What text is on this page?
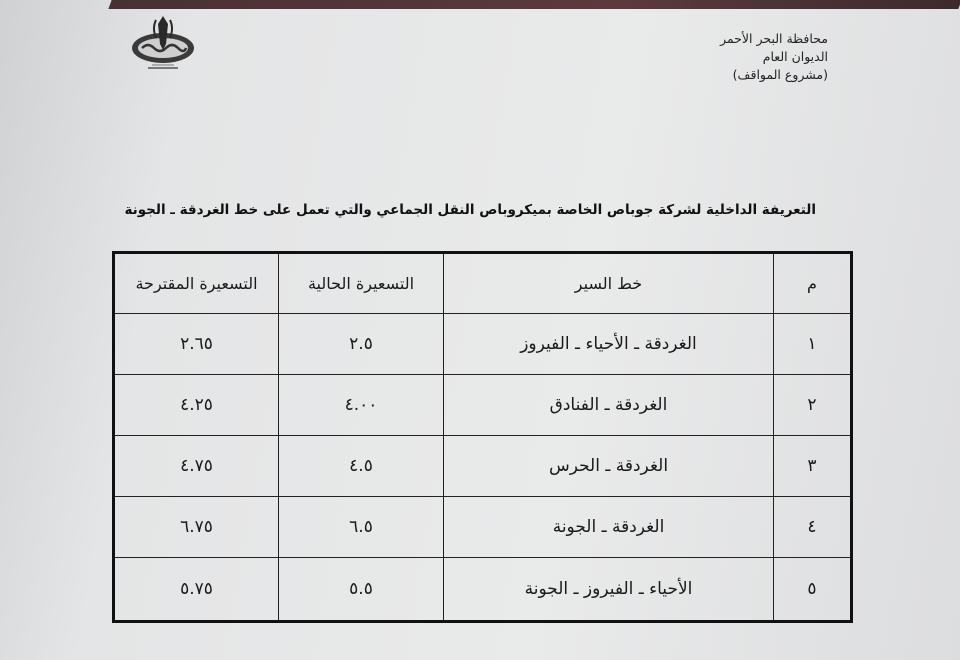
محافظة البحر الأحمر
الديوان العام
(مشروع المواقف)
التعريفة الداخلية لشركة جوباص الخاصة بميكروباص النقل الجماعي والتي تعمل على خط الغردقة ـ الجونة
م	خط السير	التسعيرة الحالية	التسعيرة المقترحة
١	الغردقة ـ الأحياء ـ الفيروز	٢.٥	٢.٦٥
٢	الغردقة ـ الفنادق	٤.٠٠	٤.٢٥
٣	الغردقة ـ الحرس	٤.٥	٤.٧٥
٤	الغردقة ـ الجونة	٦.٥	٦.٧٥
٥	الأحياء ـ الفيروز ـ الجونة	٥.٥	٥.٧٥
